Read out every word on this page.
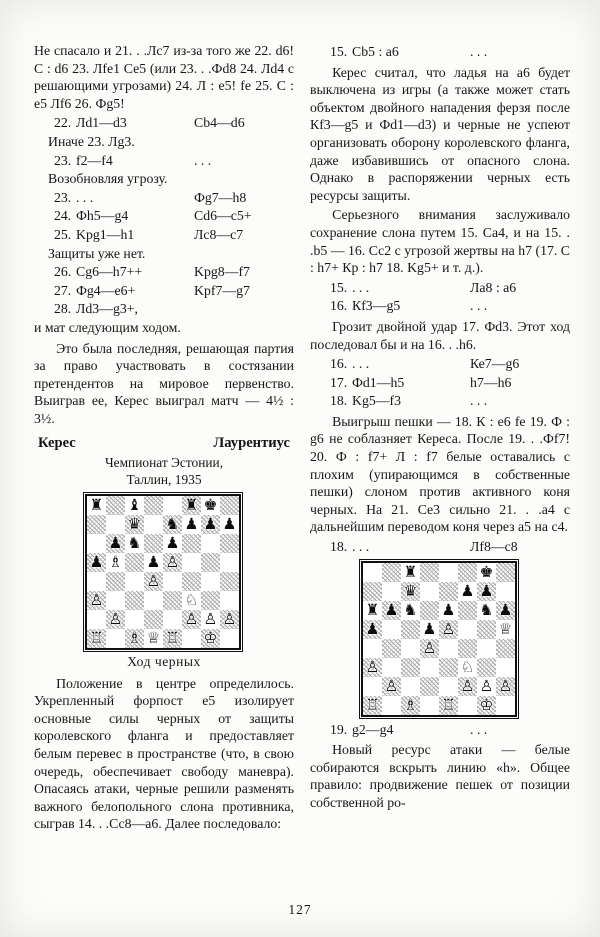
Не спасало и 21. . .Лс7 из-за того же 22. d6! С : d6 23. Лfе1 Се5 (или 23. . .Фd8 24. Лd4 с решающими угрозами) 24. Л : е5! fе 25. С : е5 Лf6 26. Фg5!

22. Лd1—d3	Cb4—d6
Иначе 23. Лg3.
23. f2—f4	. . .
Возобновляя угрозу.
23. . . .	Фg7—h8
24. Фh5—g4	Cd6—c5+
25. Kpg1—h1	Лс8—с7
Защиты уже нет.
26. Cg6—h7++	Kpg8—f7
27. Фg4—е6+	Kpf7—g7
28. Лd3—g3+,
и мат следующим ходом.

Это была последняя, решающая партия за право участвовать в состязании претендентов на мировое первенство. Выиграв ее, Керес выиграл матч — 4½ : 3½.

Керес	Лаурентиус
Чемпионат Эстонии,
Таллин, 1935
♜ ♝	♜ ♚
♛ ♞ ♟ ♟ ♟
♟ ♞ ♟
♟ ♗ ♟ ♙
♙
♙	♘
♙	♙ ♙ ♙
♖ ♗ ♕ ♖ ♔
Ход черных

Положение в центре определилось. Укрепленный форпост е5 изолирует основные силы черных от защиты королевского фланга и предоставляет белым перевес в пространстве (что, в свою очередь, обеспечивает свободу маневра). Опасаясь атаки, черные решили разменять важного белопольного слона противника, сыграв 14. . .Сс8—а6. Далее последовало:

15. Cb5 : а6	. . .

Керес считал, что ладья на а6 будет выключена из игры (а также может стать объектом двойного нападения ферзя после Кf3—g5 и Фd1—d3) и черные не успеют организовать оборону королевского фланга, даже избавившись от опасного слона. Однако в распоряжении черных есть ресурсы защиты.

Серьезного внимания заслуживало сохранение слона путем 15. Са4, и на 15. . .b5 — 16. Сс2 с угрозой жертвы на h7 (17. С : h7+ Кр : h7 18. Kg5+ и т. д.).

15. . . .	Ла8 : а6
16. Кf3—g5	. . .

Грозит двойной удар 17. Фd3. Этот ход последовал бы и на 16. . .h6.

16. . . .	Ке7—g6
17. Фd1—h5	h7—h6
18. Kg5—f3	. . .

Выигрыш пешки — 18. К : е6 fе 19. Ф : g6 не соблазняет Кереса. После 19. . .Фf7! 20. Ф : f7+ Л : f7 белые оставались с плохим (упирающимся в собственные пешки) слоном против активного коня черных. На 21. Се3 сильно 21. . .а4 с дальнейшим переводом коня через а5 на с4.

18. . . .	Лf8—с8
♜	♚
♛	♟ ♟
♜ ♟ ♞ ♟ ♞ ♟
♟	♟ ♙	♕
♙
♙	♘
♙	♙ ♙ ♙
♖ ♗ ♖ ♔
19. g2—g4	. . .

Новый ресурс атаки — белые собираются вскрыть линию «h». Общее правило: продвижение пешек от позиции собственной ро-

127
